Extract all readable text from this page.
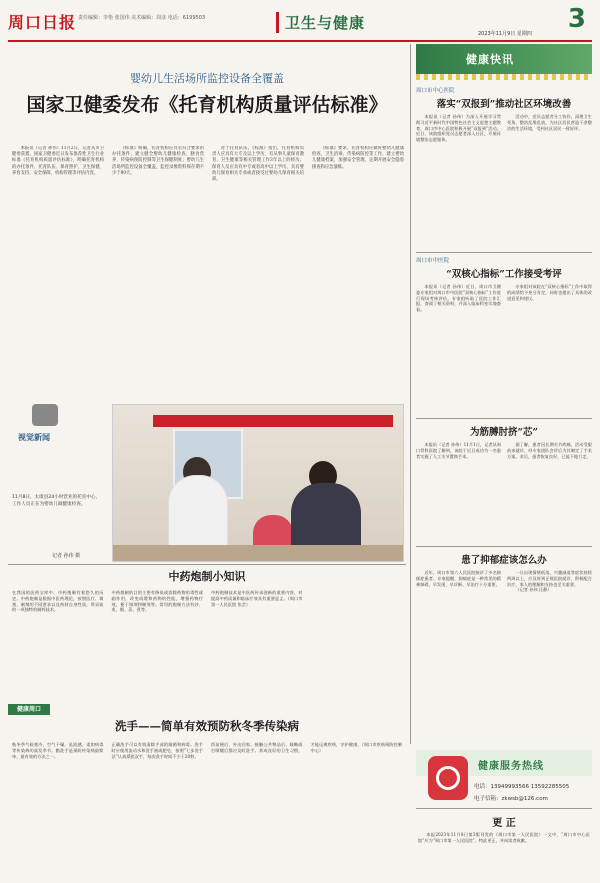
周口日报 责任编辑：李艳 张国伟 美术编辑：周彦 电话：6199503	卫生与健康
2023年11月9日 星期四 3
婴幼儿生活场所监控设备全覆盖
国家卫健委发布《托育机构质量评估标准》

本报讯（记者 孙伟）11月2日，记者从市卫健委获悉，国家卫健委近日发布推荐性卫生行业标准《托育机构质量评估标准》，明确托育机构的办托条件、托育队伍、保育照护、卫生保健、养育支持、安全保障、机构管理等评估内容。

《标准》明确，托育机构应具有符合要求的办托条件，建立健全婴幼儿健康检查、膳食营养、传染病预防控制等卫生保健制度；婴幼儿生活场所监控设备全覆盖，监控录像资料保存期不少于90天。

对于托育队伍，《标准》指出，托育机构负责人应具有大专及以上学历，有从事儿童保育教育、卫生健康等相关管理工作3年以上的经历；保育人员应具有中专或者高中以上学历，具有婴幼儿保育相关专业或者接受过婴幼儿保育相关培训。

《标准》要求，托育机构应做好婴幼儿健康检查、卫生消毒、传染病防控等工作，建立婴幼儿健康档案，加强安全管理，定期开展安全隐患排查和应急演练。

视觉新闻
11月8日，太康县24小时营业的托育中心，工作人员正在为婴幼儿做健康检查。
记者 孙伟 摄
健康快讯
周口市中心医院
落实“双报到”推动社区环境改善

本报讯（记者 孙伟）为深入开展学习贯彻习近平新时代中国特色社会主义思想主题教育，周口市中心医院积极开展“双报到”活动。近日，该院组织党员志愿者深入社区，开展环境整治志愿服务。

活动中，党员志愿者分工协作，清理卫生死角、整治乱堆乱放，为社区居民营造干净整洁的生活环境，受到社区居民一致好评。

周口市中医院
“双核心指标”工作接受考评

本报讯（记者 孙伟）近日，周口市卫健委专家组对周口市中医院“双核心指标”工作进行现场考核评估。专家组听取了医院工作汇报，查阅了相关资料，并深入临床科室实地查看。

专家组对该院在“双核心指标”工作中取得的成绩给予充分肯定，同时也提出了具体的改进意见和建议。

为筋膊肘挤“芯”

本报讯（记者 孙伟）11月1日，记者从周口骨科医院了解到，该院于近日成功为一名患者实施了人工关节置换手术。

据了解，患者因长期关节疼痛、活动受限前来就诊，经专家团队会诊后为其制定了手术方案。术后，患者恢复良好，已能下地行走。

患了抑郁症该怎么办

近年，周口市第六人民医院接诊了多名抑郁症患者。专家提醒，抑郁症是一种常见的精神障碍，早发现、早诊断、早治疗十分重要。

一旦出现情绪低落、兴趣减退等症状持续两周以上，应及时到正规医院就诊，积极配合治疗，家人的理解和支持也至关重要。

（记者 孙伟 汪静）

中药炮制小知识

在我国的医药宝库中，中药炮制有着悠久的历史。中药炮制是根据中医药理论，按照医疗、调剂、制剂的不同要求以及药材自身性质，所采取的一项独特的制药技术。

中药炮制的目的主要有降低或消除药物的毒性或副作用，改变或缓和药物的性能，增强药物疗效，便于调剂和制剂等。常用的炮制方法有炒、炙、煅、蒸、煮等。

中药炮制技术是中医药传承创新的重要内容，对提高中药质量和临床疗效具有重要意义。（周口市第一人民医院 张芸）

健康周口
洗手——简单有效预防秋冬季传染病

秋冬季气候寒冷，空气干燥，是流感、诺如病毒等传染病的高发季节。勤洗手是预防传染病最简单、最有效的方法之一。

正确洗手可以有效清除手部的细菌和病毒。洗手时应使用流动水和洗手液或肥皂，按照“七步洗手法”认真揉搓双手，每次洗手时间不少于20秒。

饭前便后、外出回家、接触公共物品后、咳嗽或打喷嚏后都应及时洗手。养成良好的卫生习惯，才能远离疾病，守护健康。（周口市疾病预防控制中心）

健康服务热线
电话：13949993566 13592285505
电子信箱：zkwsb@126.com
更 正
本报2023年11月8日第3版刊发的《周口市第一人民医院》一文中，“周口市中心医院”应为“周口市第一人民医院”。特此更正，并向读者致歉。
